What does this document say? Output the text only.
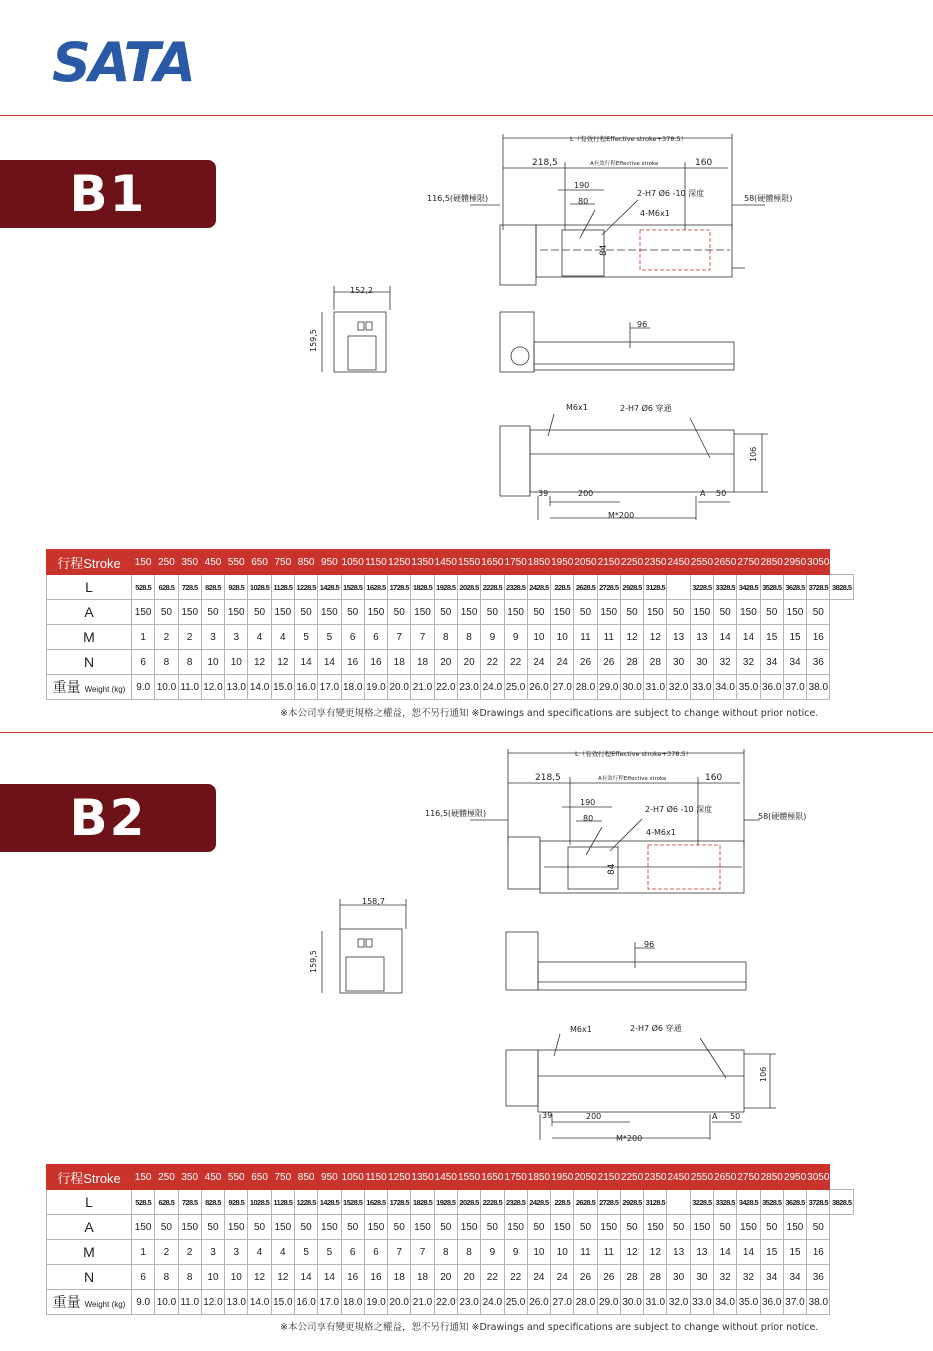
SATA
B1
L（有效行程Effective stroke+378.5）
218,5	A有效行程Effective stroke	160
190
80
2-H7 Ø6 -10 深度
4-M6x1
116,5(硬體極限)	58(硬體極限)
84
152,2
159,5
96
M6x1	2-H7 Ø6 穿通
106
39	200	A 50
M*200
行程Stroke	150	250	350	450	550	650	750	850	950	1050	1150	1250	1350	1450	1550	1650	1750	1850	1950	2050	2150	2250	2350	2450	2550	2650	2750	2850	2950	3050	
L	528.5	628.5	728.5	828.5	928.5	1028.5	1128.5	1228.5	1428.5	1528.5	1628.5	1728.5	1828.5	1928.5	2028.5	2228.5	2328.5	2428.5	228.5	2628.5	2728.5	2928.5	3128.5		3228.5	3328.5	3428.5	3528.5	3628.5	3728.5	3828.5
A	150	50	150	50	150	50	150	50	150	50	150	50	150	50	150	50	150	50	150	50	150	50	150	50	150	50	150	50	150	50	
M	1	2	2	3	3	4	4	5	5	6	6	7	7	8	8	9	9	10	10	11	11	12	12	13	13	14	14	15	15	16	
N	6	8	8	10	10	12	12	14	14	16	16	18	18	20	20	22	22	24	24	26	26	28	28	30	30	32	32	34	34	36	
重量 Weight (kg)	9.0	10.0	11.0	12.0	13.0	14.0	15.0	16.0	17.0	18.0	19.0	20.0	21.0	22.0	23.0	24.0	25.0	26.0	27.0	28.0	29.0	30.0	31.0	32.0	33.0	34.0	35.0	36.0	37.0	38.0	
※本公司享有變更規格之權益，恕不另行通知 ※Drawings and specifications are subject to change without prior notice.
B2
L（有效行程Effective stroke+378.5）
218,5	A有效行程Effective stroke	160
190
80
2-H7 Ø6 -10 深度
4-M6x1
116,5(硬體極限)	58(硬體極限)
84
158,7
159,5
96
M6x1	2-H7 Ø6 穿通
106
39	200	A 50
M*200
行程Stroke	150	250	350	450	550	650	750	850	950	1050	1150	1250	1350	1450	1550	1650	1750	1850	1950	2050	2150	2250	2350	2450	2550	2650	2750	2850	2950	3050	
L	528.5	628.5	728.5	828.5	928.5	1028.5	1128.5	1228.5	1428.5	1528.5	1628.5	1728.5	1828.5	1928.5	2028.5	2228.5	2328.5	2428.5	228.5	2628.5	2728.5	2928.5	3128.5		3228.5	3328.5	3428.5	3528.5	3628.5	3728.5	3828.5
A	150	50	150	50	150	50	150	50	150	50	150	50	150	50	150	50	150	50	150	50	150	50	150	50	150	50	150	50	150	50	
M	1	2	2	3	3	4	4	5	5	6	6	7	7	8	8	9	9	10	10	11	11	12	12	13	13	14	14	15	15	16	
N	6	8	8	10	10	12	12	14	14	16	16	18	18	20	20	22	22	24	24	26	26	28	28	30	30	32	32	34	34	36	
重量 Weight (kg)	9.0	10.0	11.0	12.0	13.0	14.0	15.0	16.0	17.0	18.0	19.0	20.0	21.0	22.0	23.0	24.0	25.0	26.0	27.0	28.0	29.0	30.0	31.0	32.0	33.0	34.0	35.0	36.0	37.0	38.0	
※本公司享有變更規格之權益，恕不另行通知 ※Drawings and specifications are subject to change without prior notice.
